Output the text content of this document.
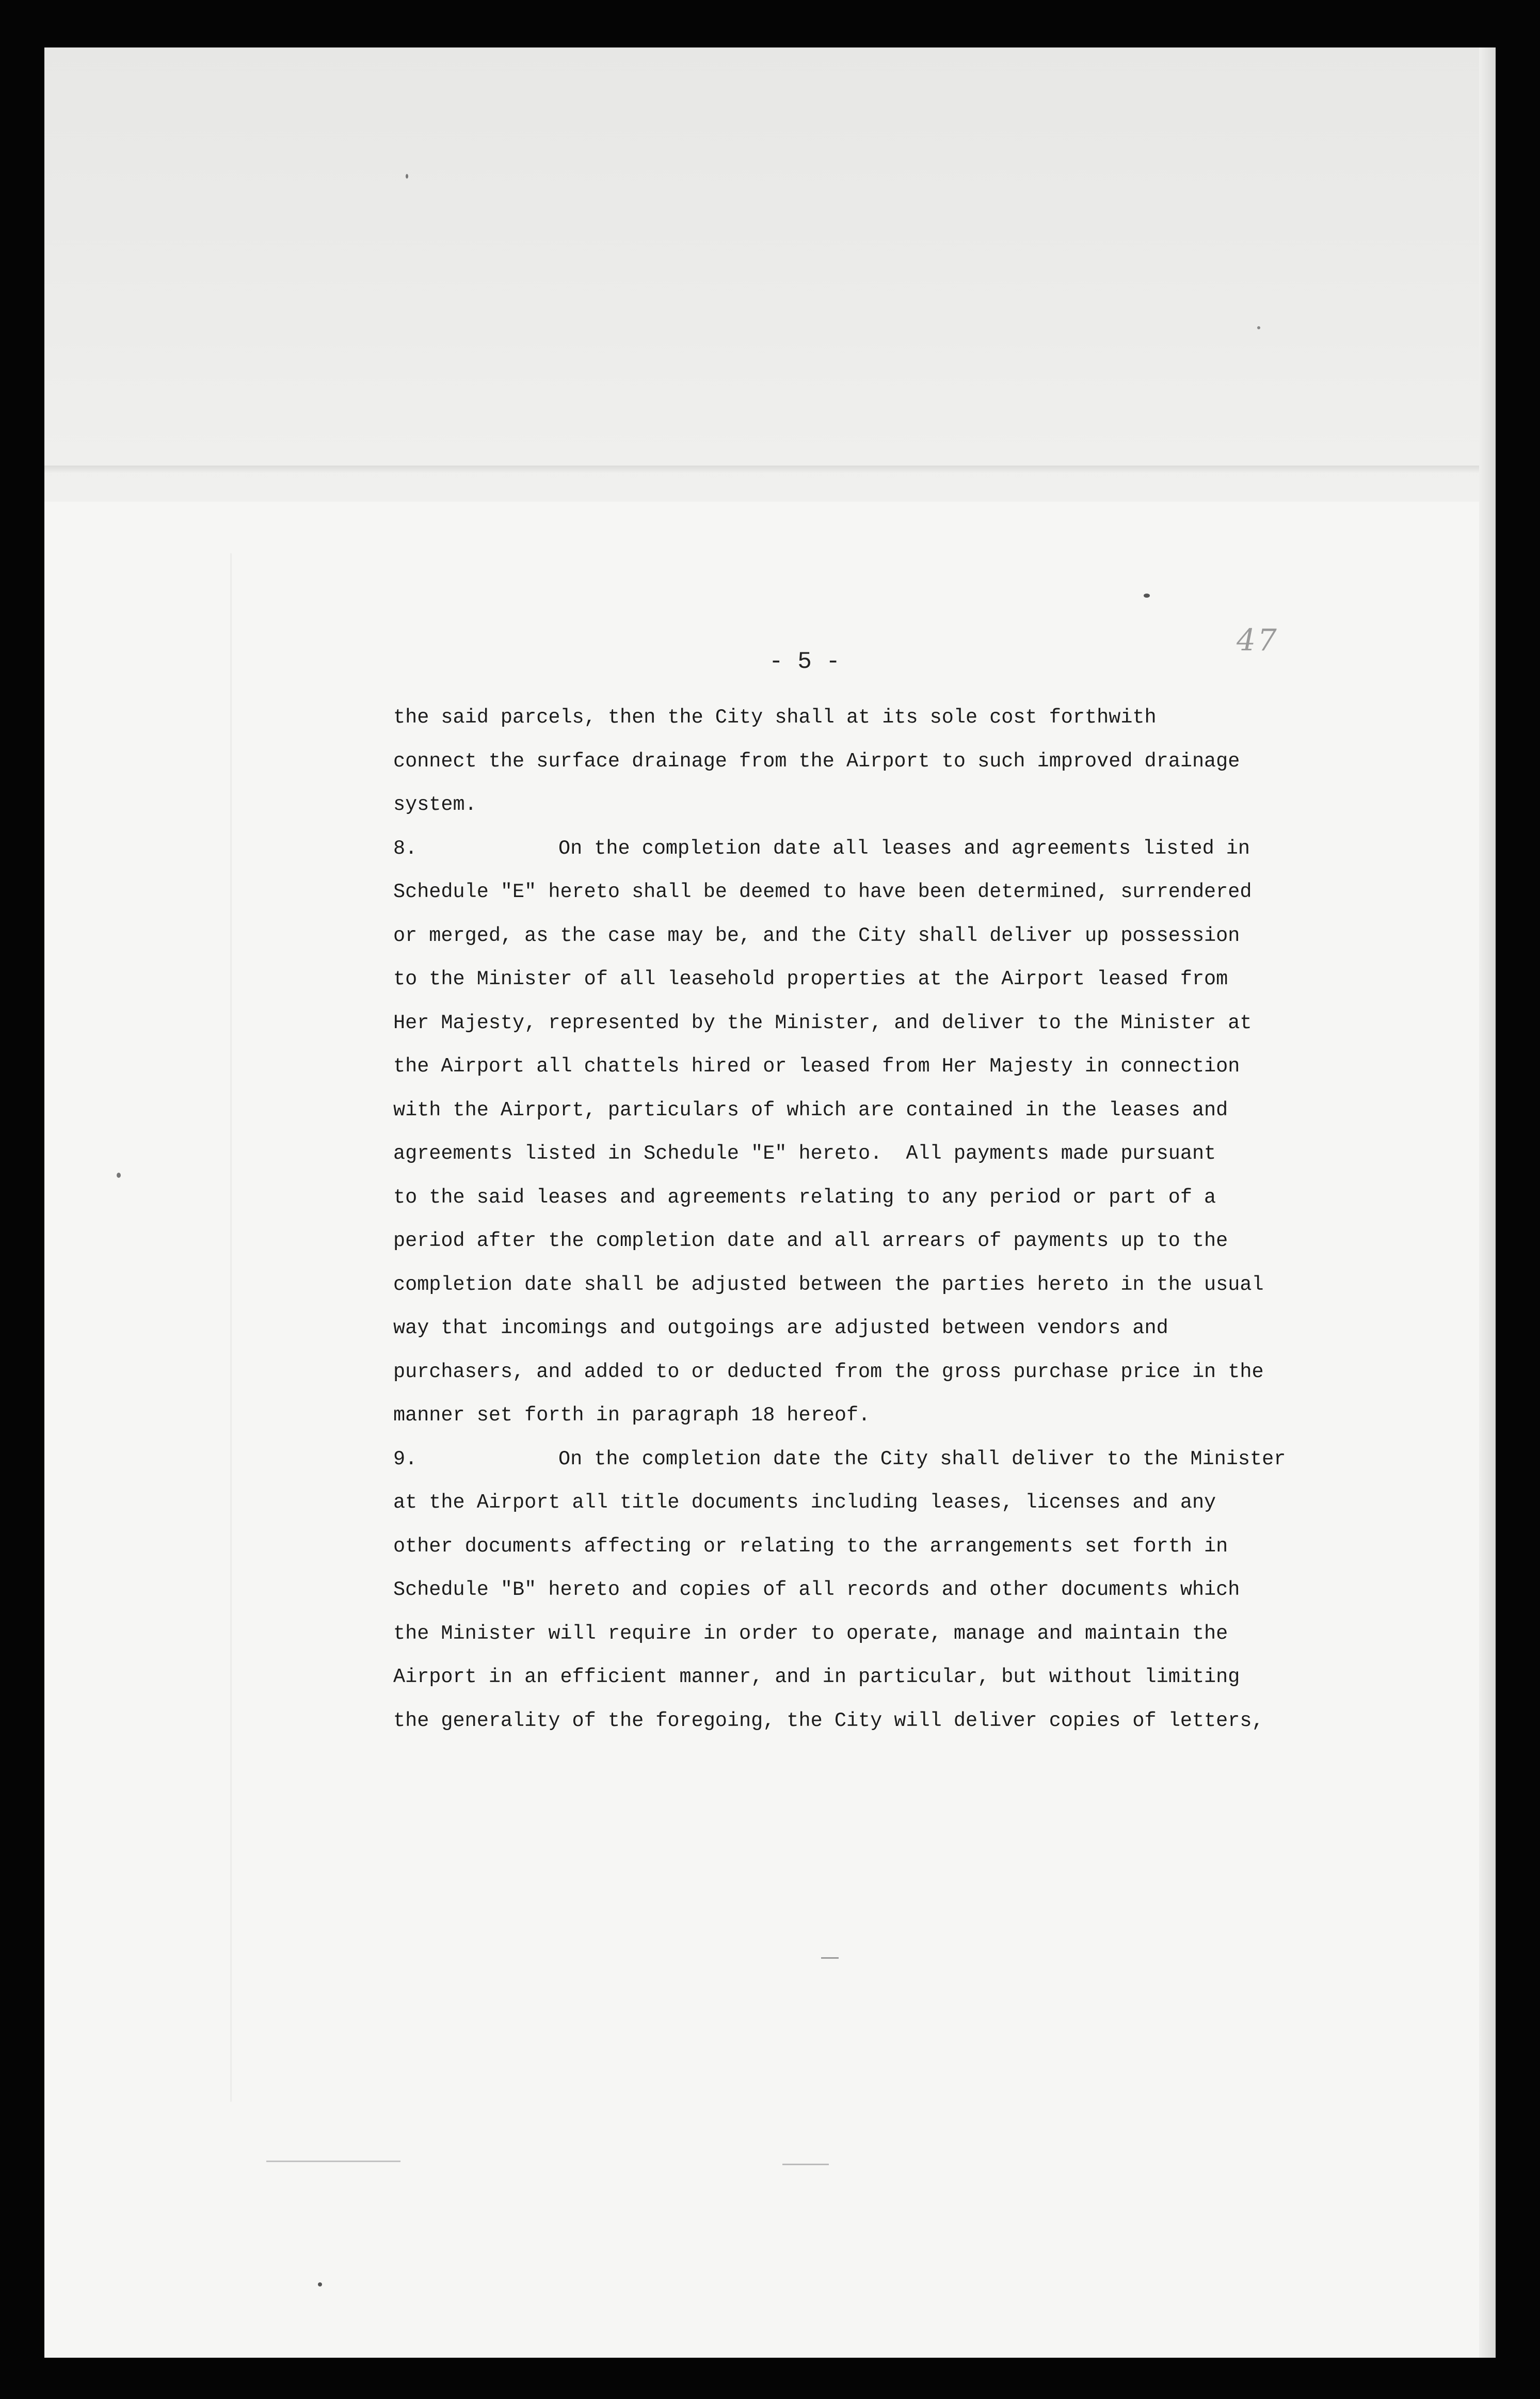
47
- 5 -
the said parcels, then the City shall at its sole cost forthwith
connect the surface drainage from the Airport to such improved drainage
system.
8.	On the completion date all leases and agreements listed in
Schedule "E" hereto shall be deemed to have been determined, surrendered
or merged, as the case may be, and the City shall deliver up possession
to the Minister of all leasehold properties at the Airport leased from
Her Majesty, represented by the Minister, and deliver to the Minister at
the Airport all chattels hired or leased from Her Majesty in connection
with the Airport, particulars of which are contained in the leases and
agreements listed in Schedule "E" hereto.  All payments made pursuant
to the said leases and agreements relating to any period or part of a
period after the completion date and all arrears of payments up to the
completion date shall be adjusted between the parties hereto in the usual
way that incomings and outgoings are adjusted between vendors and
purchasers, and added to or deducted from the gross purchase price in the
manner set forth in paragraph 18 hereof.
9.	On the completion date the City shall deliver to the Minister
at the Airport all title documents including leases, licenses and any
other documents affecting or relating to the arrangements set forth in
Schedule "B" hereto and copies of all records and other documents which
the Minister will require in order to operate, manage and maintain the
Airport in an efficient manner, and in particular, but without limiting
the generality of the foregoing, the City will deliver copies of letters,
